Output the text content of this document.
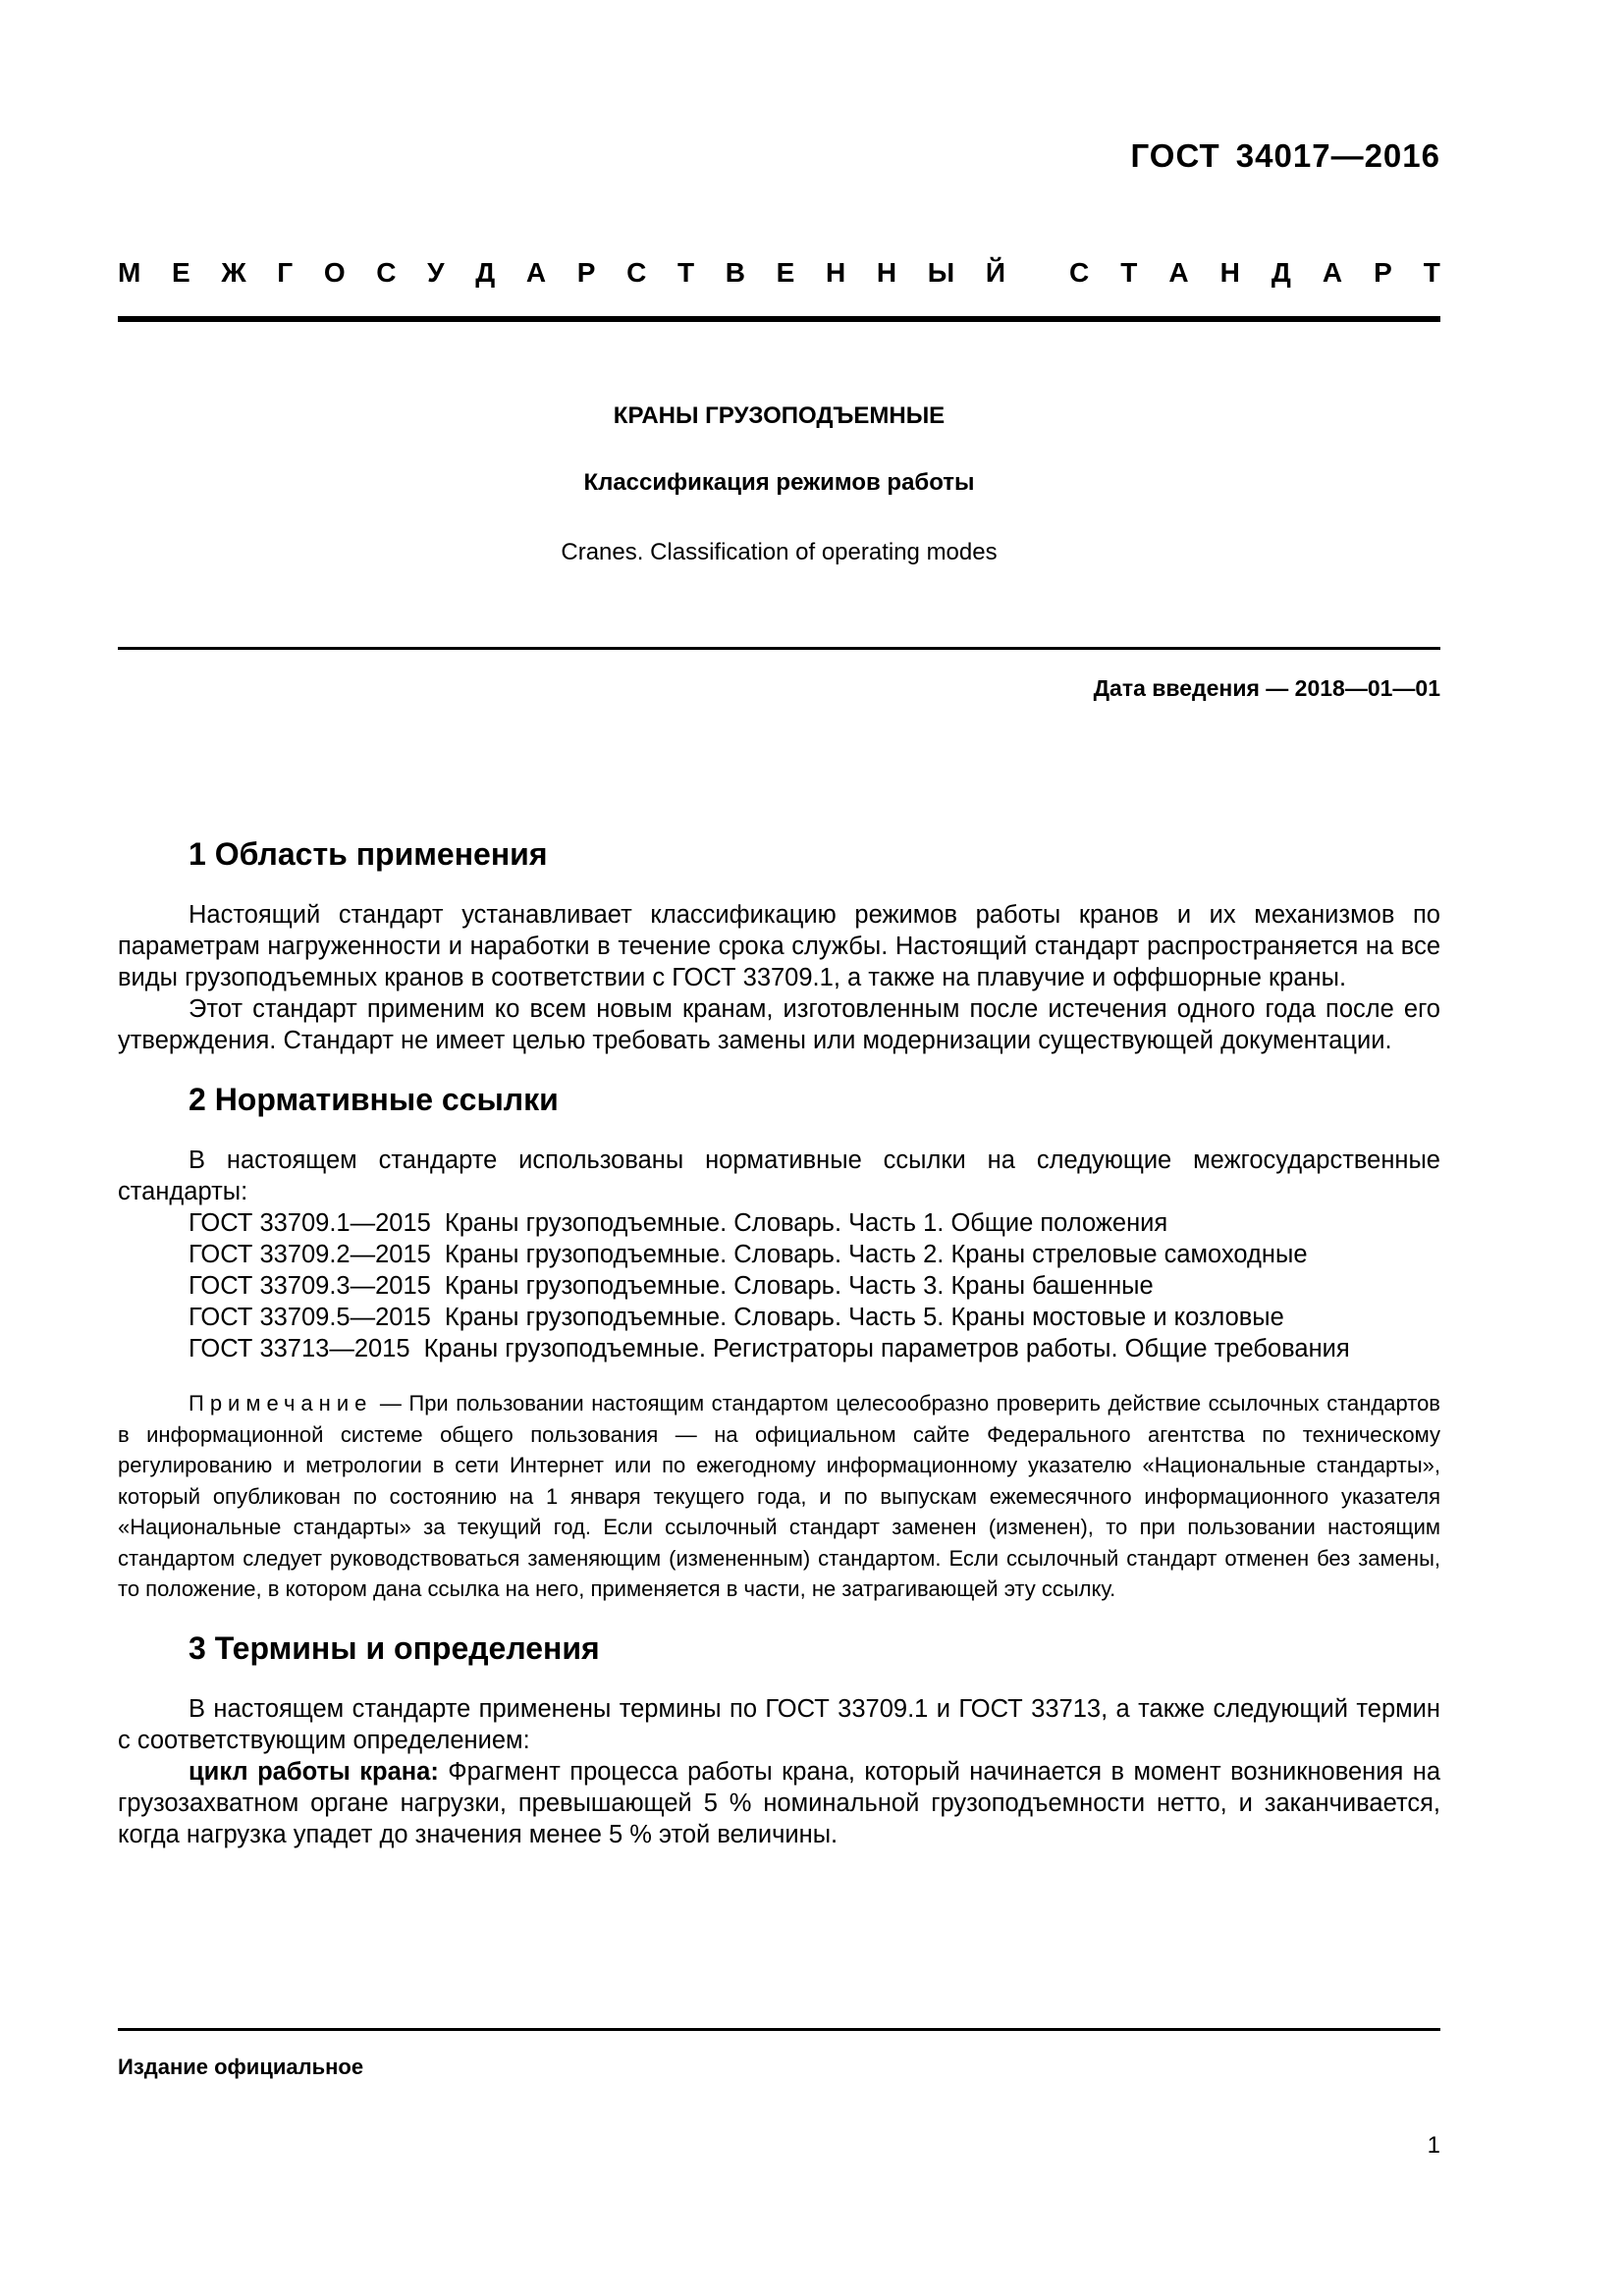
ГОСТ 34017—2016
М Е Ж Г О С У Д А Р С Т В Е Н Н Ы Й С Т А Н Д А Р Т
КРАНЫ ГРУЗОПОДЪЕМНЫЕ
Классификация режимов работы
Cranes. Classification of operating modes
Дата введения — 2018—01—01
1 Область применения

Настоящий стандарт устанавливает классификацию режимов работы кранов и их механизмов по параметрам нагруженности и наработки в течение срока службы. Настоящий стандарт распространяется на все виды грузоподъемных кранов в соответствии с ГОСТ 33709.1, а также на плавучие и оффшорные краны.

Этот стандарт применим ко всем новым кранам, изготовленным после истечения одного года после его утверждения. Стандарт не имеет целью требовать замены или модернизации существующей документации.

2 Нормативные ссылки

В настоящем стандарте использованы нормативные ссылки на следующие межгосударственные стандарты:

ГОСТ 33709.1—2015 Краны грузоподъемные. Словарь. Часть 1. Общие положения

ГОСТ 33709.2—2015 Краны грузоподъемные. Словарь. Часть 2. Краны стреловые самоходные

ГОСТ 33709.3—2015 Краны грузоподъемные. Словарь. Часть 3. Краны башенные

ГОСТ 33709.5—2015 Краны грузоподъемные. Словарь. Часть 5. Краны мостовые и козловые

ГОСТ 33713—2015 Краны грузоподъемные. Регистраторы параметров работы. Общие требования

Примечание — При пользовании настоящим стандартом целесообразно проверить действие ссылочных стандартов в информационной системе общего пользования — на официальном сайте Федерального агентства по техническому регулированию и метрологии в сети Интернет или по ежегодному информационному указателю «Национальные стандарты», который опубликован по состоянию на 1 января текущего года, и по выпускам ежемесячного информационного указателя «Национальные стандарты» за текущий год. Если ссылочный стандарт заменен (изменен), то при пользовании настоящим стандартом следует руководствоваться заменяющим (измененным) стандартом. Если ссылочный стандарт отменен без замены, то положение, в котором дана ссылка на него, применяется в части, не затрагивающей эту ссылку.

3 Термины и определения

В настоящем стандарте применены термины по ГОСТ 33709.1 и ГОСТ 33713, а также следующий термин с соответствующим определением:

цикл работы крана: Фрагмент процесса работы крана, который начинается в момент возникновения на грузозахватном органе нагрузки, превышающей 5 % номинальной грузоподъемности нетто, и заканчивается, когда нагрузка упадет до значения менее 5 % этой величины.

Издание официальное
1
